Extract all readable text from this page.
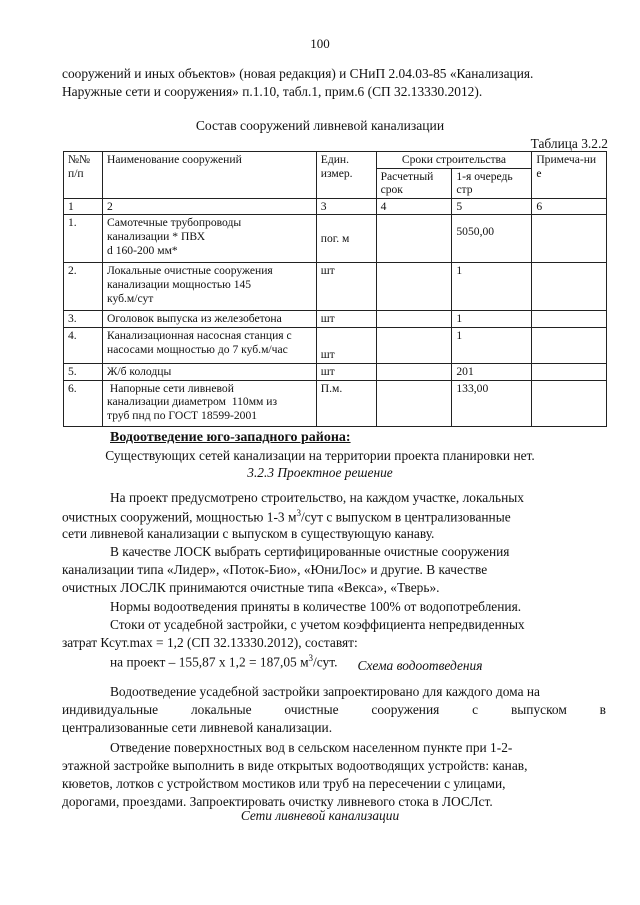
100
сооружений и иных объектов» (новая редакция) и СНиП 2.04.03-85 «Канализация.
Наружные сети и сооружения» п.1.10, табл.1, прим.6 (СП 32.13330.2012).
Состав сооружений ливневой канализации
Таблица 3.2.2
№№ п/п	Наименование сооружений	Един. измер.	Сроки строительства		Примеча-ние

			Расчетный срок	1-я очередь стр	

1	2	3	4	5	6
1.	Самотечные трубопроводы
канализации * ПВХ
d 160-200 мм*	пог. м		5050,00	
2.	Локальные очистные сооружения
канализации мощностью 145
куб.м/сут	шт		1	
3.	Оголовок выпуска из железобетона	шт		1	
4.	Канализационная насосная станция с
насосами мощностью до 7 куб.м/час	шт		1	
5.	Ж/б колодцы	шт		201	
6.	Напорные сети ливневой
канализации диаметром  110мм из
труб пнд по ГОСТ 18599-2001	П.м.		133,00	
Водоотведение юго-западного района:
Существующих сетей канализации на территории проекта планировки нет.
3.2.3 Проектное решение
На проект предусмотрено строительство, на каждом участке, локальных
очистных сооружений, мощностью 1-3 $м^3$/сут с выпуском в централизованные
сети ливневой канализации с выпуском в существующую канаву.
В качестве ЛОСК выбрать сертифицированные очистные сооружения
канализации типа «Лидер», «Поток-Био», «ЮниЛос» и другие. В качестве
очистных ЛОСЛК принимаются очистные типа «Векса», «Тверь».
Нормы водоотведения приняты в количестве 100% от водопотребления.
Стоки от усадебной застройки, с учетом коэффициента непредвиденных
затрат Ксут.max = 1,2 (СП 32.13330.2012), составят:
на проект – 155,87 х 1,2 = 187,05 $м^3$/сут.	Схема водоотведения
Водоотведение усадебной застройки запроектировано для каждого дома на
индивидуальные локальные очистные сооружения с выпуском в
централизованные сети ливневой канализации.
Отведение поверхностных вод в сельском населенном пункте при 1-2-
этажной застройке выполнить в виде открытых водоотводящих устройств: канав,
кюветов, лотков с устройством мостиков или труб на пересечении с улицами,
дорогами, проездами. Запроектировать очистку ливневого стока в ЛОСЛст.
Сети ливневой канализации
